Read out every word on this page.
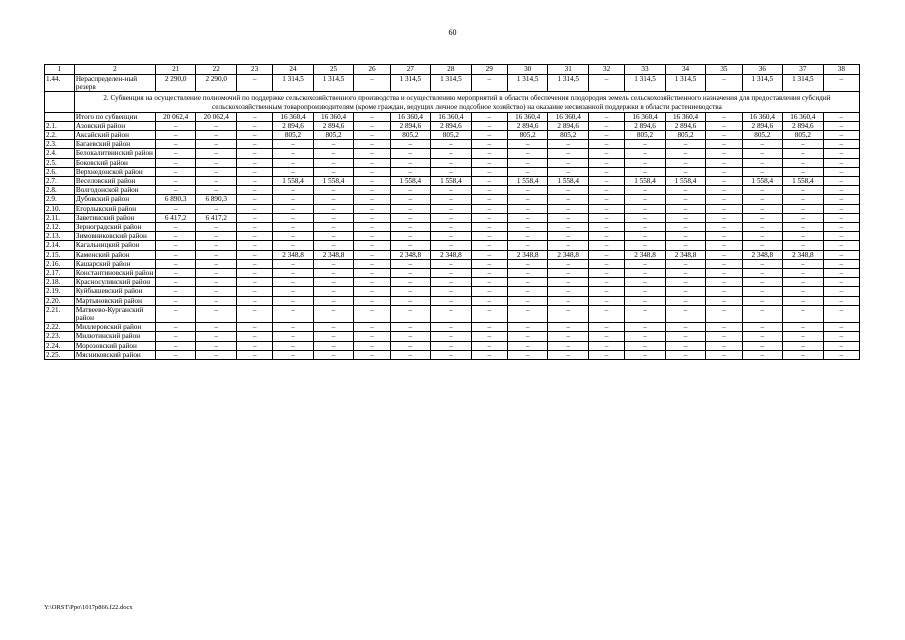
60
1	2	21	22	23	24	25	26	27	28	29	30	31	32	33	34	35	36	37	38
1.44.	Нераспределен-ный резерв	2 290,0	2 290,0	–	1 314,5	1 314,5	–	1 314,5	1 314,5	–	1 314,5	1 314,5	–	1 314,5	1 314,5	–	1 314,5	1 314,5	–
	2. Субвенция на осуществление полномочий по поддержке сельскохозяйственного производства и осуществлению мероприятий в области обеспечения плодородия земель сельскохозяйственного назначения для предоставления субсидий сельскохозяйственным товаропроизводителям (кроме граждан, ведущих личное подсобное хозяйство) на оказание несвязанной поддержки в области растениеводства																		
	Итого по субвенции	20 062,4	20 062,4	–	16 360,4	16 360,4	–	16 360,4	16 360,4	–	16 360,4	16 360,4	–	16 360,4	16 360,4	–	16 360,4	16 360,4	–
2.1.	Азовский район	–	–	–	2 894,6	2 894,6	–	2 894,6	2 894,6	–	2 894,6	2 894,6	–	2 894,6	2 894,6	–	2 894,6	2 894,6	–
2.2.	Аксайский район	–	–	–	805,2	805,2	–	805,2	805,2	–	805,2	805,2	–	805,2	805,2	–	805,2	805,2	–
2.3.	Багаевский район	–	–	–	–	–	–	–	–	–	–	–	–	–	–	–	–	–	–
2.4.	Белокалитвинский район	–	–	–	–	–	–	–	–	–	–	–	–	–	–	–	–	–	–
2.5.	Боковский район	–	–	–	–	–	–	–	–	–	–	–	–	–	–	–	–	–	–
2.6.	Верхнедонской район	–	–	–	–	–	–	–	–	–	–	–	–	–	–	–	–	–	–
2.7.	Веселовский район	–	–	–	1 558,4	1 558,4	–	1 558,4	1 558,4	–	1 558,4	1 558,4	–	1 558,4	1 558,4	–	1 558,4	1 558,4	–
2.8.	Волгодонской район	–	–	–	–	–	–	–	–	–	–	–	–	–	–	–	–	–	–
2.9.	Дубовский район	6 890,3	6 890,3	–	–	–	–	–	–	–	–	–	–	–	–	–	–	–	–
2.10.	Егорлыкский район	–	–	–	–	–	–	–	–	–	–	–	–	–	–	–	–	–	–
2.11.	Заветинский район	6 417,2	6 417,2	–	–	–	–	–	–	–	–	–	–	–	–	–	–	–	–
2.12.	Зерноградский район	–	–	–	–	–	–	–	–	–	–	–	–	–	–	–	–	–	–
2.13.	Зимовниковский район	–	–	–	–	–	–	–	–	–	–	–	–	–	–	–	–	–	–
2.14.	Кагальницкий район	–	–	–	–	–	–	–	–	–	–	–	–	–	–	–	–	–	–
2.15.	Каменский район	–	–	–	2 348,8	2 348,8	–	2 348,8	2 348,8	–	2 348,8	2 348,8	–	2 348,8	2 348,8	–	2 348,8	2 348,8	–
2.16.	Кашарский район	–	–	–	–	–	–	–	–	–	–	–	–	–	–	–	–	–	–
2.17.	Константиновский район	–	–	–	–	–	–	–	–	–	–	–	–	–	–	–	–	–	–
2.18.	Красносулинский район	–	–	–	–	–	–	–	–	–	–	–	–	–	–	–	–	–	–
2.19.	Куйбышевский район	–	–	–	–	–	–	–	–	–	–	–	–	–	–	–	–	–	–
2.20.	Мартыновский район	–	–	–	–	–	–	–	–	–	–	–	–	–	–	–	–	–	–
2.21.	Матвеево-Курганский район	–	–	–	–	–	–	–	–	–	–	–	–	–	–	–	–	–	–
2.22.	Миллеровский район	–	–	–	–	–	–	–	–	–	–	–	–	–	–	–	–	–	–
2.23.	Милютинский район	–	–	–	–	–	–	–	–	–	–	–	–	–	–	–	–	–	–
2.24.	Морозовский район	–	–	–	–	–	–	–	–	–	–	–	–	–	–	–	–	–	–
2.25.	Мясниковский район	–	–	–	–	–	–	–	–	–	–	–	–	–	–	–	–	–	–
Y:\ORST\Ppo\1017p866.f22.docx
